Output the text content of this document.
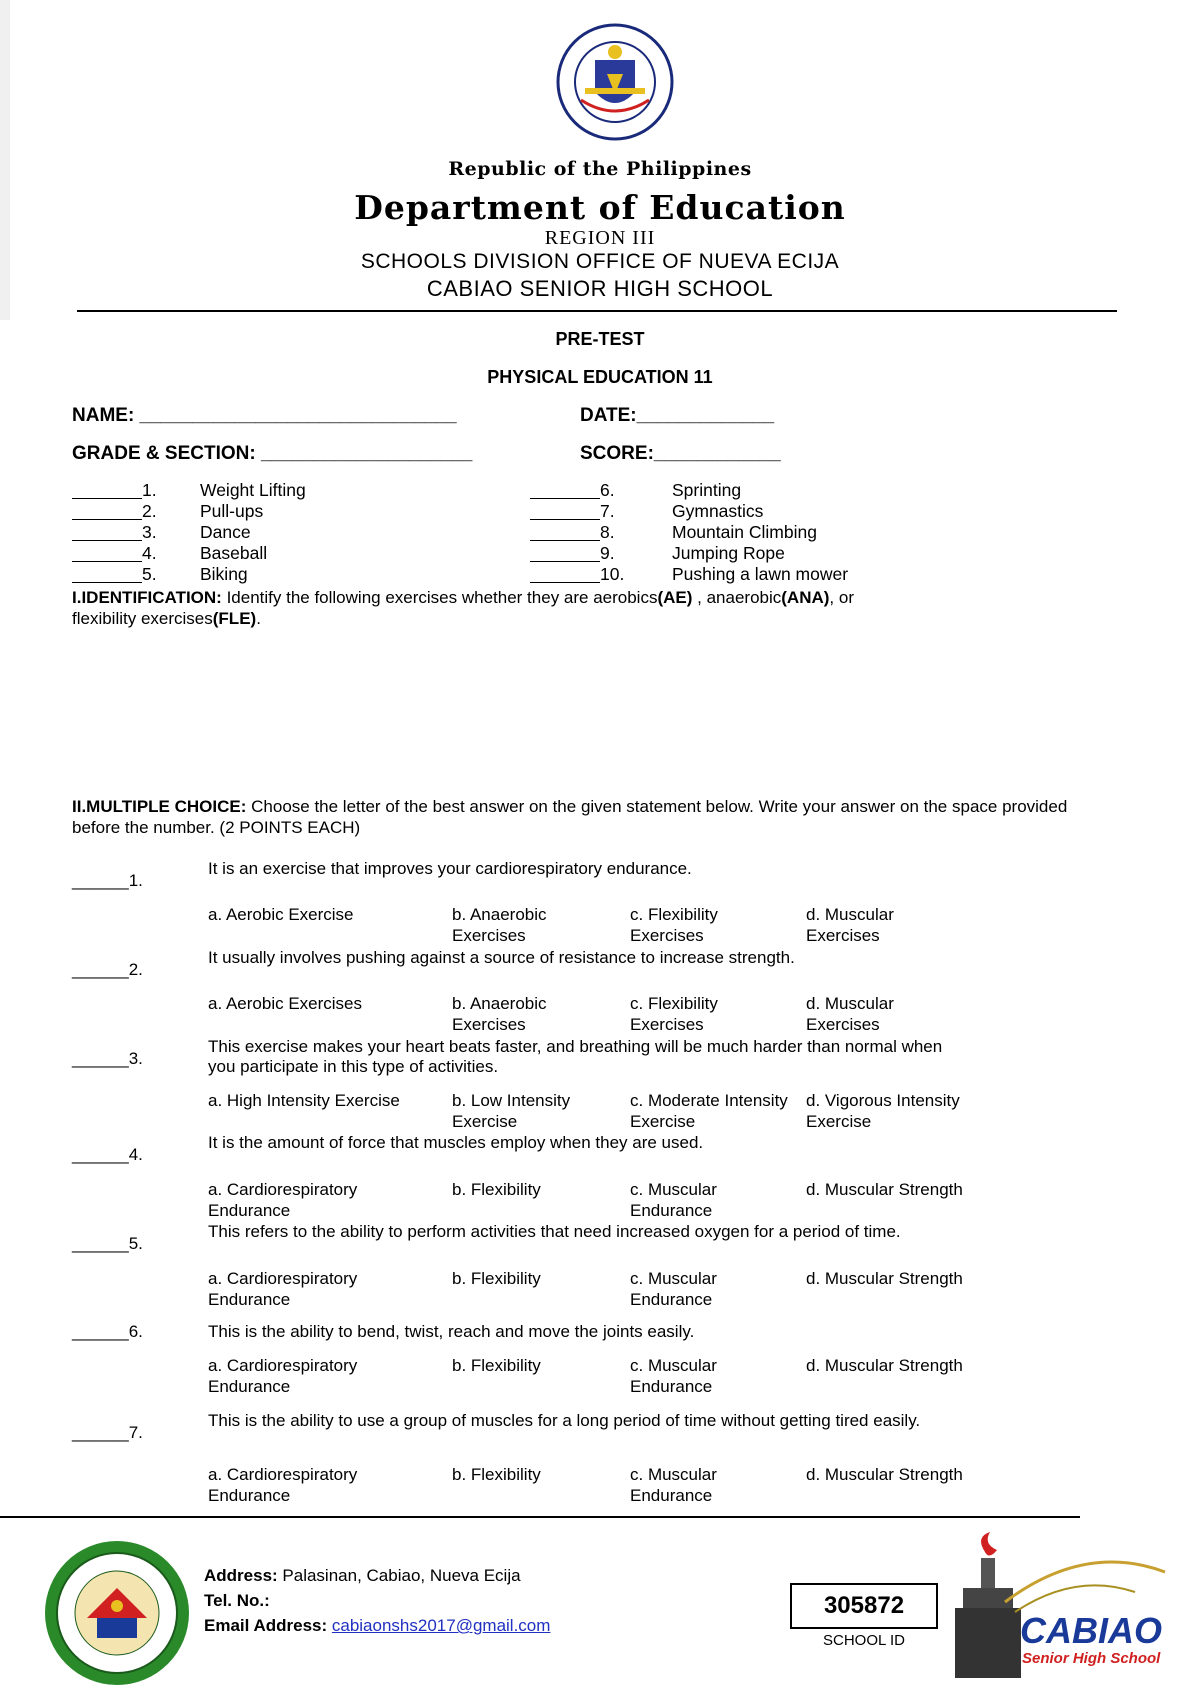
Republic of the Philippines
Department of Education
REGION III
SCHOOLS DIVISION OFFICE OF NUEVA ECIJA
CABIAO SENIOR HIGH SCHOOL
PRE-TEST
PHYSICAL EDUCATION 11
NAME: ______________________________	DATE:_____________
GRADE & SECTION: ____________________	SCORE:____________
1. Weight Lifting
2. Pull-ups
3. Dance
4. Baseball
5. Biking
6.	Sprinting
7.	Gymnastics
8.	Mountain Climbing
9.	Jumping Rope
10.	Pushing a lawn mower
I.IDENTIFICATION: Identify the following exercises whether they are aerobics(AE) , anaerobic(ANA), or
flexibility exercises(FLE).
II.MULTIPLE CHOICE: Choose the letter of the best answer on the given statement below. Write your answer on the space provided before the number. (2 POINTS EACH)
______1.
It is an exercise that improves your cardiorespiratory endurance.
a. Aerobic Exercise	b. Anaerobic Exercises
c. Flexibility Exercises
d. Muscular Exercises
______2.
It usually involves pushing against a source of resistance to increase strength.
a. Aerobic Exercises	b. Anaerobic Exercises
c. Flexibility Exercises
d. Muscular Exercises
______3.
This exercise makes your heart beats faster, and breathing will be much harder than normal when you participate in this type of activities.
a. High Intensity Exercise	b. Low Intensity Exercise
c. Moderate Intensity Exercise
d. Vigorous Intensity Exercise
______4.
It is the amount of force that muscles employ when they are used.
a. Cardiorespiratory Endurance
b. Flexibility	c. Muscular Endurance
d. Muscular Strength
______5.
This refers to the ability to perform activities that need increased oxygen for a period of time.
a. Cardiorespiratory Endurance
b. Flexibility	c. Muscular Endurance
d. Muscular Strength
______6.	This is the ability to bend, twist, reach and move the joints easily.
a. Cardiorespiratory Endurance
b. Flexibility	c. Muscular Endurance
d. Muscular Strength
______7.
This is the ability to use a group of muscles for a long period of time without getting tired easily.
a. Cardiorespiratory Endurance
b. Flexibility	c. Muscular Endurance
d. Muscular Strength
Address: Palasinan, Cabiao, Nueva Ecija
Tel. No.:
Email Address: cabiaonshs2017@gmail.com
305872
SCHOOL ID	CABIAO
Senior High School
